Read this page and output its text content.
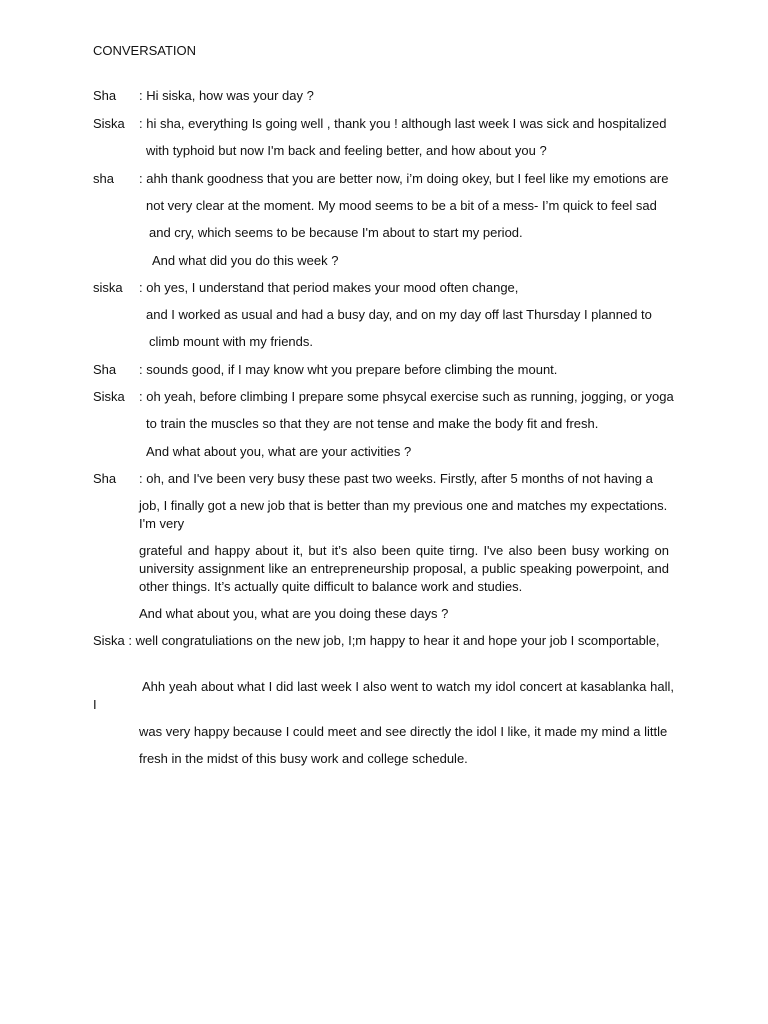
CONVERSATION
Sha : Hi siska, how was your day ?
Siska : hi sha, everything Is going well , thank you ! although last week I was sick and hospitalized
with typhoid but now I'm back and feeling better, and how about you ?
sha : ahh thank goodness that you are better now, i’m doing okey, but I feel like my emotions are
not very clear at the moment. My mood seems to be a bit of a mess- I’m quick to feel sad
and cry, which seems to be because I'm about to start my period.
And what did you do this week ?
siska : oh yes, I understand that period makes your mood often change,
and I worked as usual and had a busy day, and on my day off last Thursday I planned to
climb mount with my friends.
Sha : sounds good, if I may know wht you prepare before climbing the mount.
Siska : oh yeah, before climbing I prepare some phsycal exercise such as running, jogging, or yoga
to train the muscles so that they are not tense and make the body fit and fresh.
And what about you, what are your activities ?
Sha : oh, and I've been very busy these past two weeks. Firstly, after 5 months of not having a
job, I finally got a new job that is better than my previous one and matches my expectations.
I'm very
grateful and happy about it, but it’s also been quite tirng. I've also been busy working on university assignment like an entrepreneurship proposal, a public speaking powerpoint, and other things. It’s actually quite difficult to balance work and studies.
And what about you, what are you doing these days ?
Siska : well congratuliations on the new job, I;m happy to hear it and hope your job I scomportable,
Ahh yeah about what I did last week I also went to watch my idol concert at kasablanka hall, I
was very happy because I could meet and see directly the idol I like, it made my mind a little
fresh in the midst of this busy work and college schedule.
